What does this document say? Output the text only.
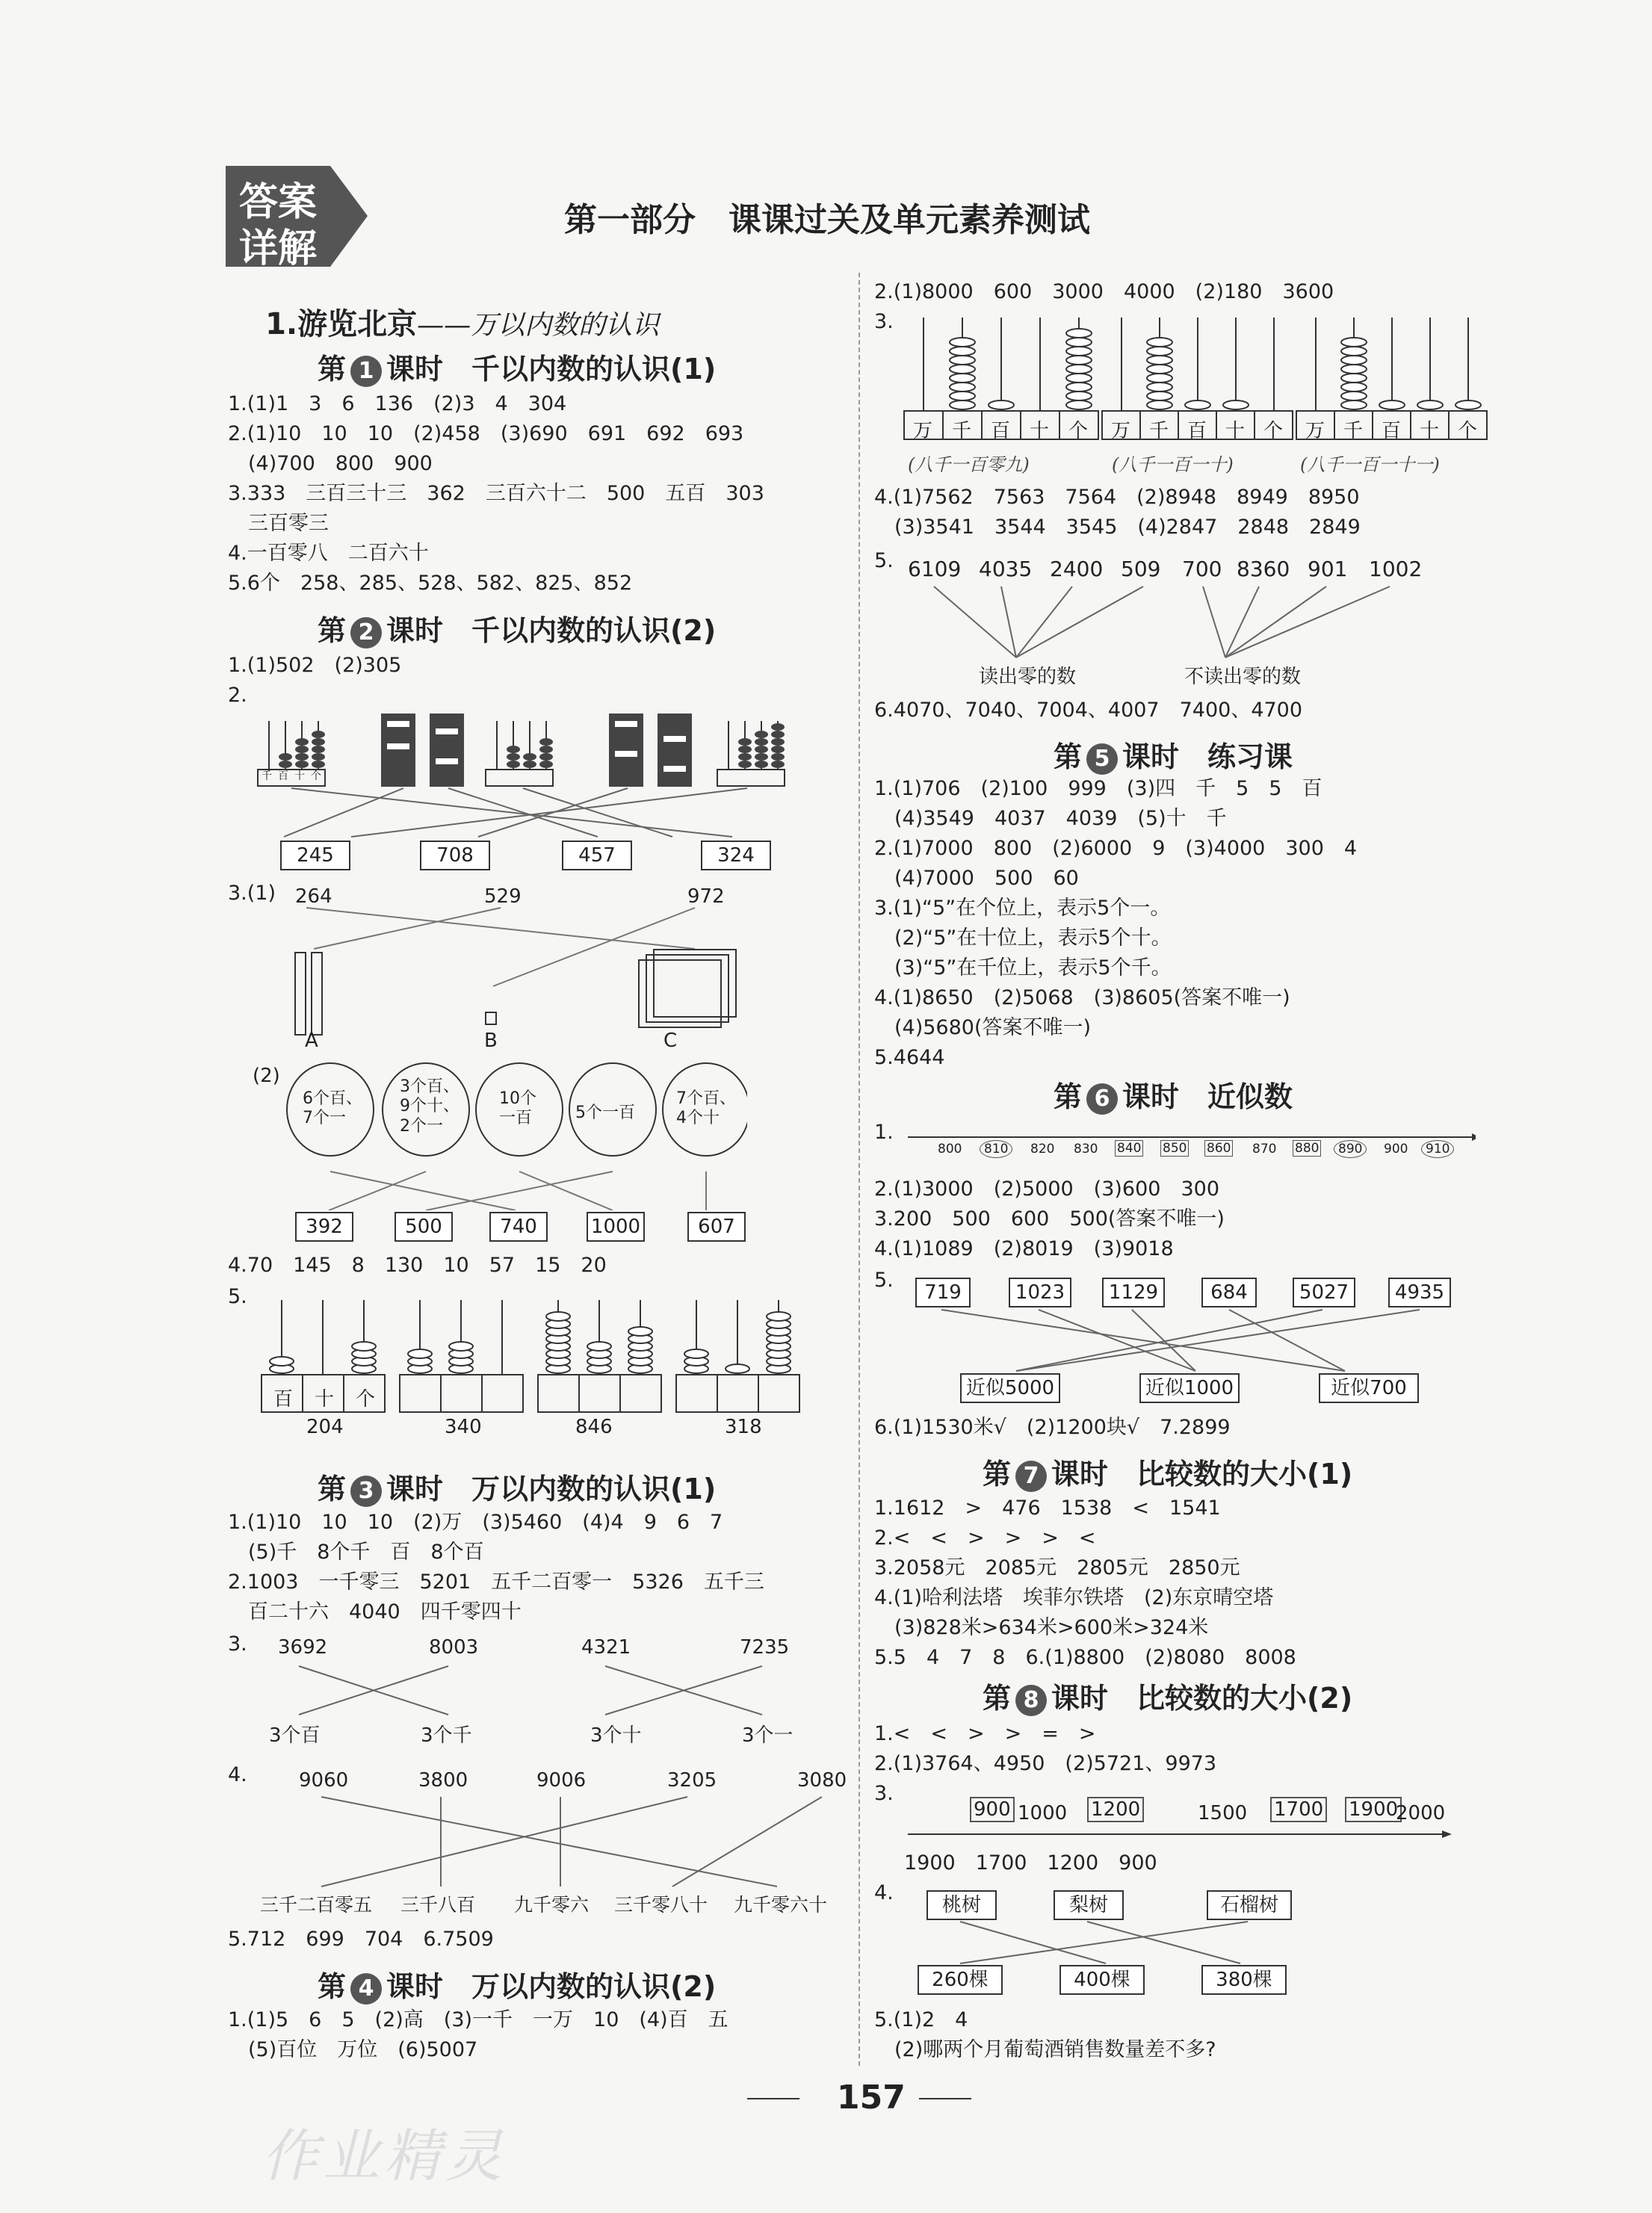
答案
详解
第一部分　课课过关及单元素养测试

1.游览北京——万以内数的认识

第 1 课时　千以内数的认识(1)
1.(1)1　3　6　136　(2)3　4　304
2.(1)10　10　10　(2)458　(3)690　691　692　693
　(4)700　800　900
3.333　三百三十三　362　三百六十二　500　五百　303
　三百零三
4.一百零八　二百六十
5.6个　258、285、528、582、825、852
第 2 课时　千以内数的认识(2)
1.(1)502　(2)305
2.
千 百 十 个
245	708	457	324
3.(1) 264	529	972
A	B	C
(2)
6个百、
7个一
3个百、
9个十、
2个一
10个
一百	5个一百
7个百、
4个十
392	500	740	1000	607
4.70　145　8　130　10　57　15　20
5.
百 十 个
204	340	846	318
第 3 课时　万以内数的认识(1)
1.(1)10　10　10　(2)万　(3)5460　(4)4　9　6　7
　(5)千　8个千　百　8个百
2.1003　一千零三　5201　五千二百零一　5326　五千三
　百二十六　4040　四千零四十
3. 3692	8003	4321	7235
3个百	3个千	3个十	3个一
4.	9060	3800	9006	3205	3080
三千二百零五 三千八百 九千零六 三千零八十 九千零六十
5.712　699　704　6.7509
第 4 课时　万以内数的认识(2)
1.(1)5　6　5　(2)高　(3)一千　一万　10　(4)百　五
　(5)百位　万位　(6)5007
2.(1)8000　600　3000　4000　(2)180　3600
3.
万 千 百 十 个 万 千 百 十 个 万 千 百 十 个
(八千一百零九)	(八千一百一十)	(八千一百一十一)
4.(1)7562　7563　7564　(2)8948　8949　8950
　(3)3541　3544　3545　(4)2847　2848　2849
5. 6109 4035 2400 509 700 8360 901 1002
读出零的数	不读出零的数
6.4070、7040、7004、4007　7400、4700
第 5 课时　练习课
1.(1)706　(2)100　999　(3)四　千　5　5　百
　(4)3549　4037　4039　(5)十　千
2.(1)7000　800　(2)6000　9　(3)4000　300　4
　(4)7000　500　60
3.(1)“5”在个位上，表示5个一。
　(2)“5”在十位上，表示5个十。
　(3)“5”在千位上，表示5个千。
4.(1)8650　(2)5068　(3)8605(答案不唯一)
　(4)5680(答案不唯一)
5.4644
第 6 课时　近似数
1.
800	810	820 830 840 850 860 870 880	890	900	910
2.(1)3000　(2)5000　(3)600　300
3.200　500　600　500(答案不唯一)
4.(1)1089　(2)8019　(3)9018
5.
719	1023	1129	684	5027	4935
近似5000	近似1000	近似700
6.(1)1530米√　(2)1200块√　7.2899
第 7 课时　比较数的大小(1)
1.1612　>　476　1538　<　1541
2.<　<　>　>　>　<
3.2058元　2085元　2805元　2850元
4.(1)哈利法塔　埃菲尔铁塔　(2)东京晴空塔
　(3)828米>634米>600米>324米
5.5　4　7　8　6.(1)8800　(2)8080　8008
第 8 课时　比较数的大小(2)
1.<　<　>　>　=　>
2.(1)3764、4950　(2)5721、9973
3.
900 1000 1200	1500 1700 1900
2000
1900　1700　1200　900
4.
桃树	梨树	石榴树
260棵	400棵	380棵
5.(1)2　4
　(2)哪两个月葡萄酒销售数量差不多?
157
作业精灵
